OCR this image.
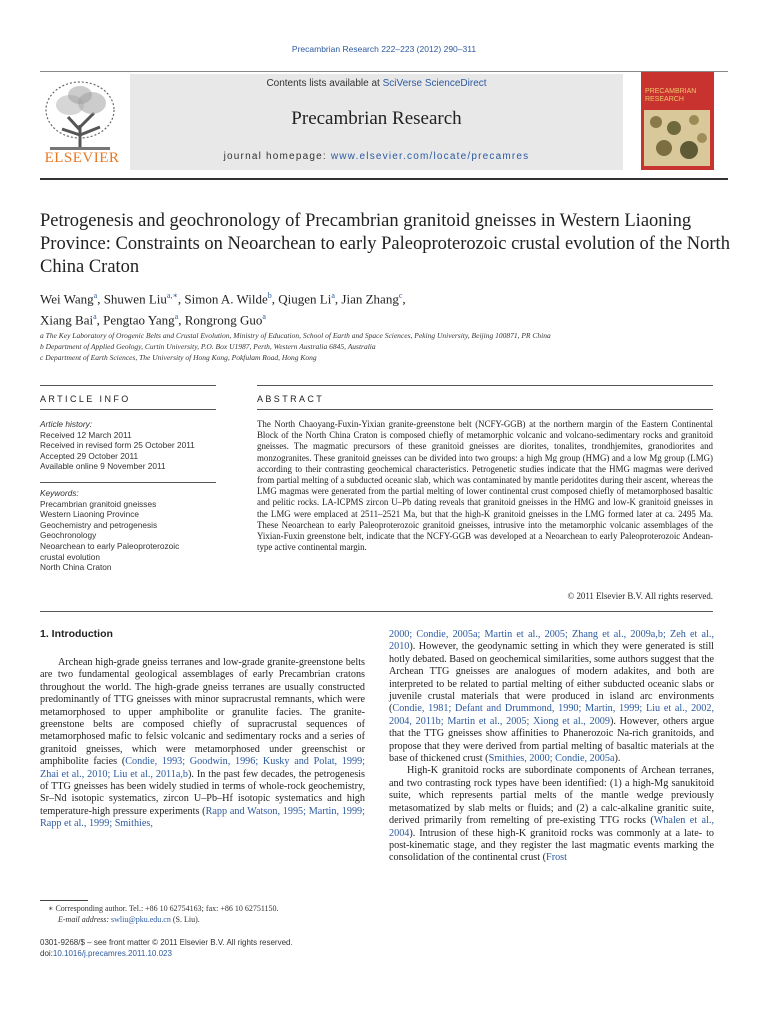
Precambrian Research 222–223 (2012) 290–311
ELSEVIER
Contents lists available at SciVerse ScienceDirect
Precambrian Research
journal homepage: www.elsevier.com/locate/precamres
PRECAMBRIAN RESEARCH
Petrogenesis and geochronology of Precambrian granitoid gneisses in Western Liaoning Province: Constraints on Neoarchean to early Paleoproterozoic crustal evolution of the North China Craton
Wei Wang$^a$, Shuwen Liu$^{a,∗}$, Simon A. Wilde$^b$, Qiugen Li$^a$, Jian Zhang$^c$,
Xiang Bai$^a$, Pengtao Yang$^a$, Rongrong Guo$^a$
a The Key Laboratory of Orogenic Belts and Crustal Evolution, Ministry of Education, School of Earth and Space Sciences, Peking University, Beijing 100871, PR China
b Department of Applied Geology, Curtin University, P.O. Box U1987, Perth, Western Australia 6845, Australia
c Department of Earth Sciences, The University of Hong Kong, Pokfulam Road, Hong Kong
ARTICLE INFO
Article history:
Received 12 March 2011
Received in revised form 25 October 2011
Accepted 29 October 2011
Available online 9 November 2011
Keywords:
Precambrian granitoid gneisses
Western Liaoning Province
Geochemistry and petrogenesis
Geochronology
Neoarchean to early Paleoproterozoic
crustal evolution
North China Craton
ABSTRACT
The North Chaoyang-Fuxin-Yixian granite-greenstone belt (NCFY-GGB) at the northern margin of the Eastern Continental Block of the North China Craton is composed chiefly of metamorphic volcanic and volcano-sedimentary rocks and granitoid gneisses. The magmatic precursors of these granitoid gneisses are diorites, tonalites, trondhjemites, granodiorites and monzogranites. These granitoid gneisses can be divided into two groups: a high Mg group (HMG) and a low Mg group (LMG) according to their contrasting geochemical characteristics. Petrogenetic studies indicate that the HMG magmas were derived from partial melting of a subducted oceanic slab, which was contaminated by mantle peridotites during their ascent, whereas the LMG magmas were generated from the partial melting of lower continental crust composed chiefly of metamorphosed basaltic and pelitic rocks. LA-ICPMS zircon U–Pb dating reveals that granitoid gneisses in the HMG and low-K granitoid gneisses in the LMG were emplaced at 2511–2521 Ma, but that the high-K granitoid gneisses in the LMG formed later at ca. 2495 Ma. These Neoarchean to early Paleoproterozoic granitoid gneisses, intrusive into the metamorphic volcanic assemblages of the Yixian-Fuxin greenstone belt, indicate that the NCFY-GGB was developed at a Neoarchean to early Paleoproterozoic Andean-type active continental margin.
© 2011 Elsevier B.V. All rights reserved.
1. Introduction

Archean high-grade gneiss terranes and low-grade granite-greenstone belts are two fundamental geological assemblages of early Precambrian cratons throughout the world. The high-grade gneiss terranes are usually constructed predominantly of TTG gneisses with minor supracrustal remnants, which were metamorphosed to upper amphibolite or granulite facies. The granite-greenstone belts are composed chiefly of supracrustal sequences of metamorphosed mafic to felsic volcanic and sedimentary rocks and a series of granitoid gneisses, which were metamorphosed under greenschist or amphibolite facies (Condie, 1993; Goodwin, 1996; Kusky and Polat, 1999; Zhai et al., 2010; Liu et al., 2011a,b). In the past few decades, the petrogenesis of TTG gneisses has been widely studied in terms of whole-rock geochemistry, Sr–Nd isotopic systematics, zircon U–Pb–Hf isotopic systematics and high temperature-high pressure experiments (Rapp and Watson, 1995; Martin, 1999; Rapp et al., 1999; Smithies,

2000; Condie, 2005a; Martin et al., 2005; Zhang et al., 2009a,b; Zeh et al., 2010). However, the geodynamic setting in which they were generated is still hotly debated. Based on geochemical similarities, some authors suggest that the Archean TTG gneisses are analogues of modern adakites, and both are interpreted to be related to partial melting of either subducted oceanic slabs or juvenile crustal materials that were produced in island arc environments (Condie, 1981; Defant and Drummond, 1990; Martin, 1999; Liu et al., 2002, 2004, 2011b; Martin et al., 2005; Xiong et al., 2009). However, others argue that the TTG gneisses show affinities to Phanerozoic Na-rich granitoids, and propose that they were derived from partial melting of basaltic materials at the base of thickened crust (Smithies, 2000; Condie, 2005a).

High-K granitoid rocks are subordinate components of Archean terranes, and two contrasting rock types have been identified: (1) a high-Mg sanukitoid suite, which represents partial melts of the mantle wedge previously metasomatized by slab melts or fluids; and (2) a calc-alkaline granitic suite, derived primarily from remelting of pre-existing TTG rocks (Whalen et al., 2004). Intrusion of these high-K granitoid rocks was commonly at a late- to post-kinematic stage, and they register the last magmatic events marking the consolidation of the continental crust (Frost

∗ Corresponding author. Tel.: +86 10 62754163; fax: +86 10 62751150.
E-mail address: swliu@pku.edu.cn (S. Liu).
0301-9268/$ – see front matter © 2011 Elsevier B.V. All rights reserved.
doi:10.1016/j.precamres.2011.10.023
